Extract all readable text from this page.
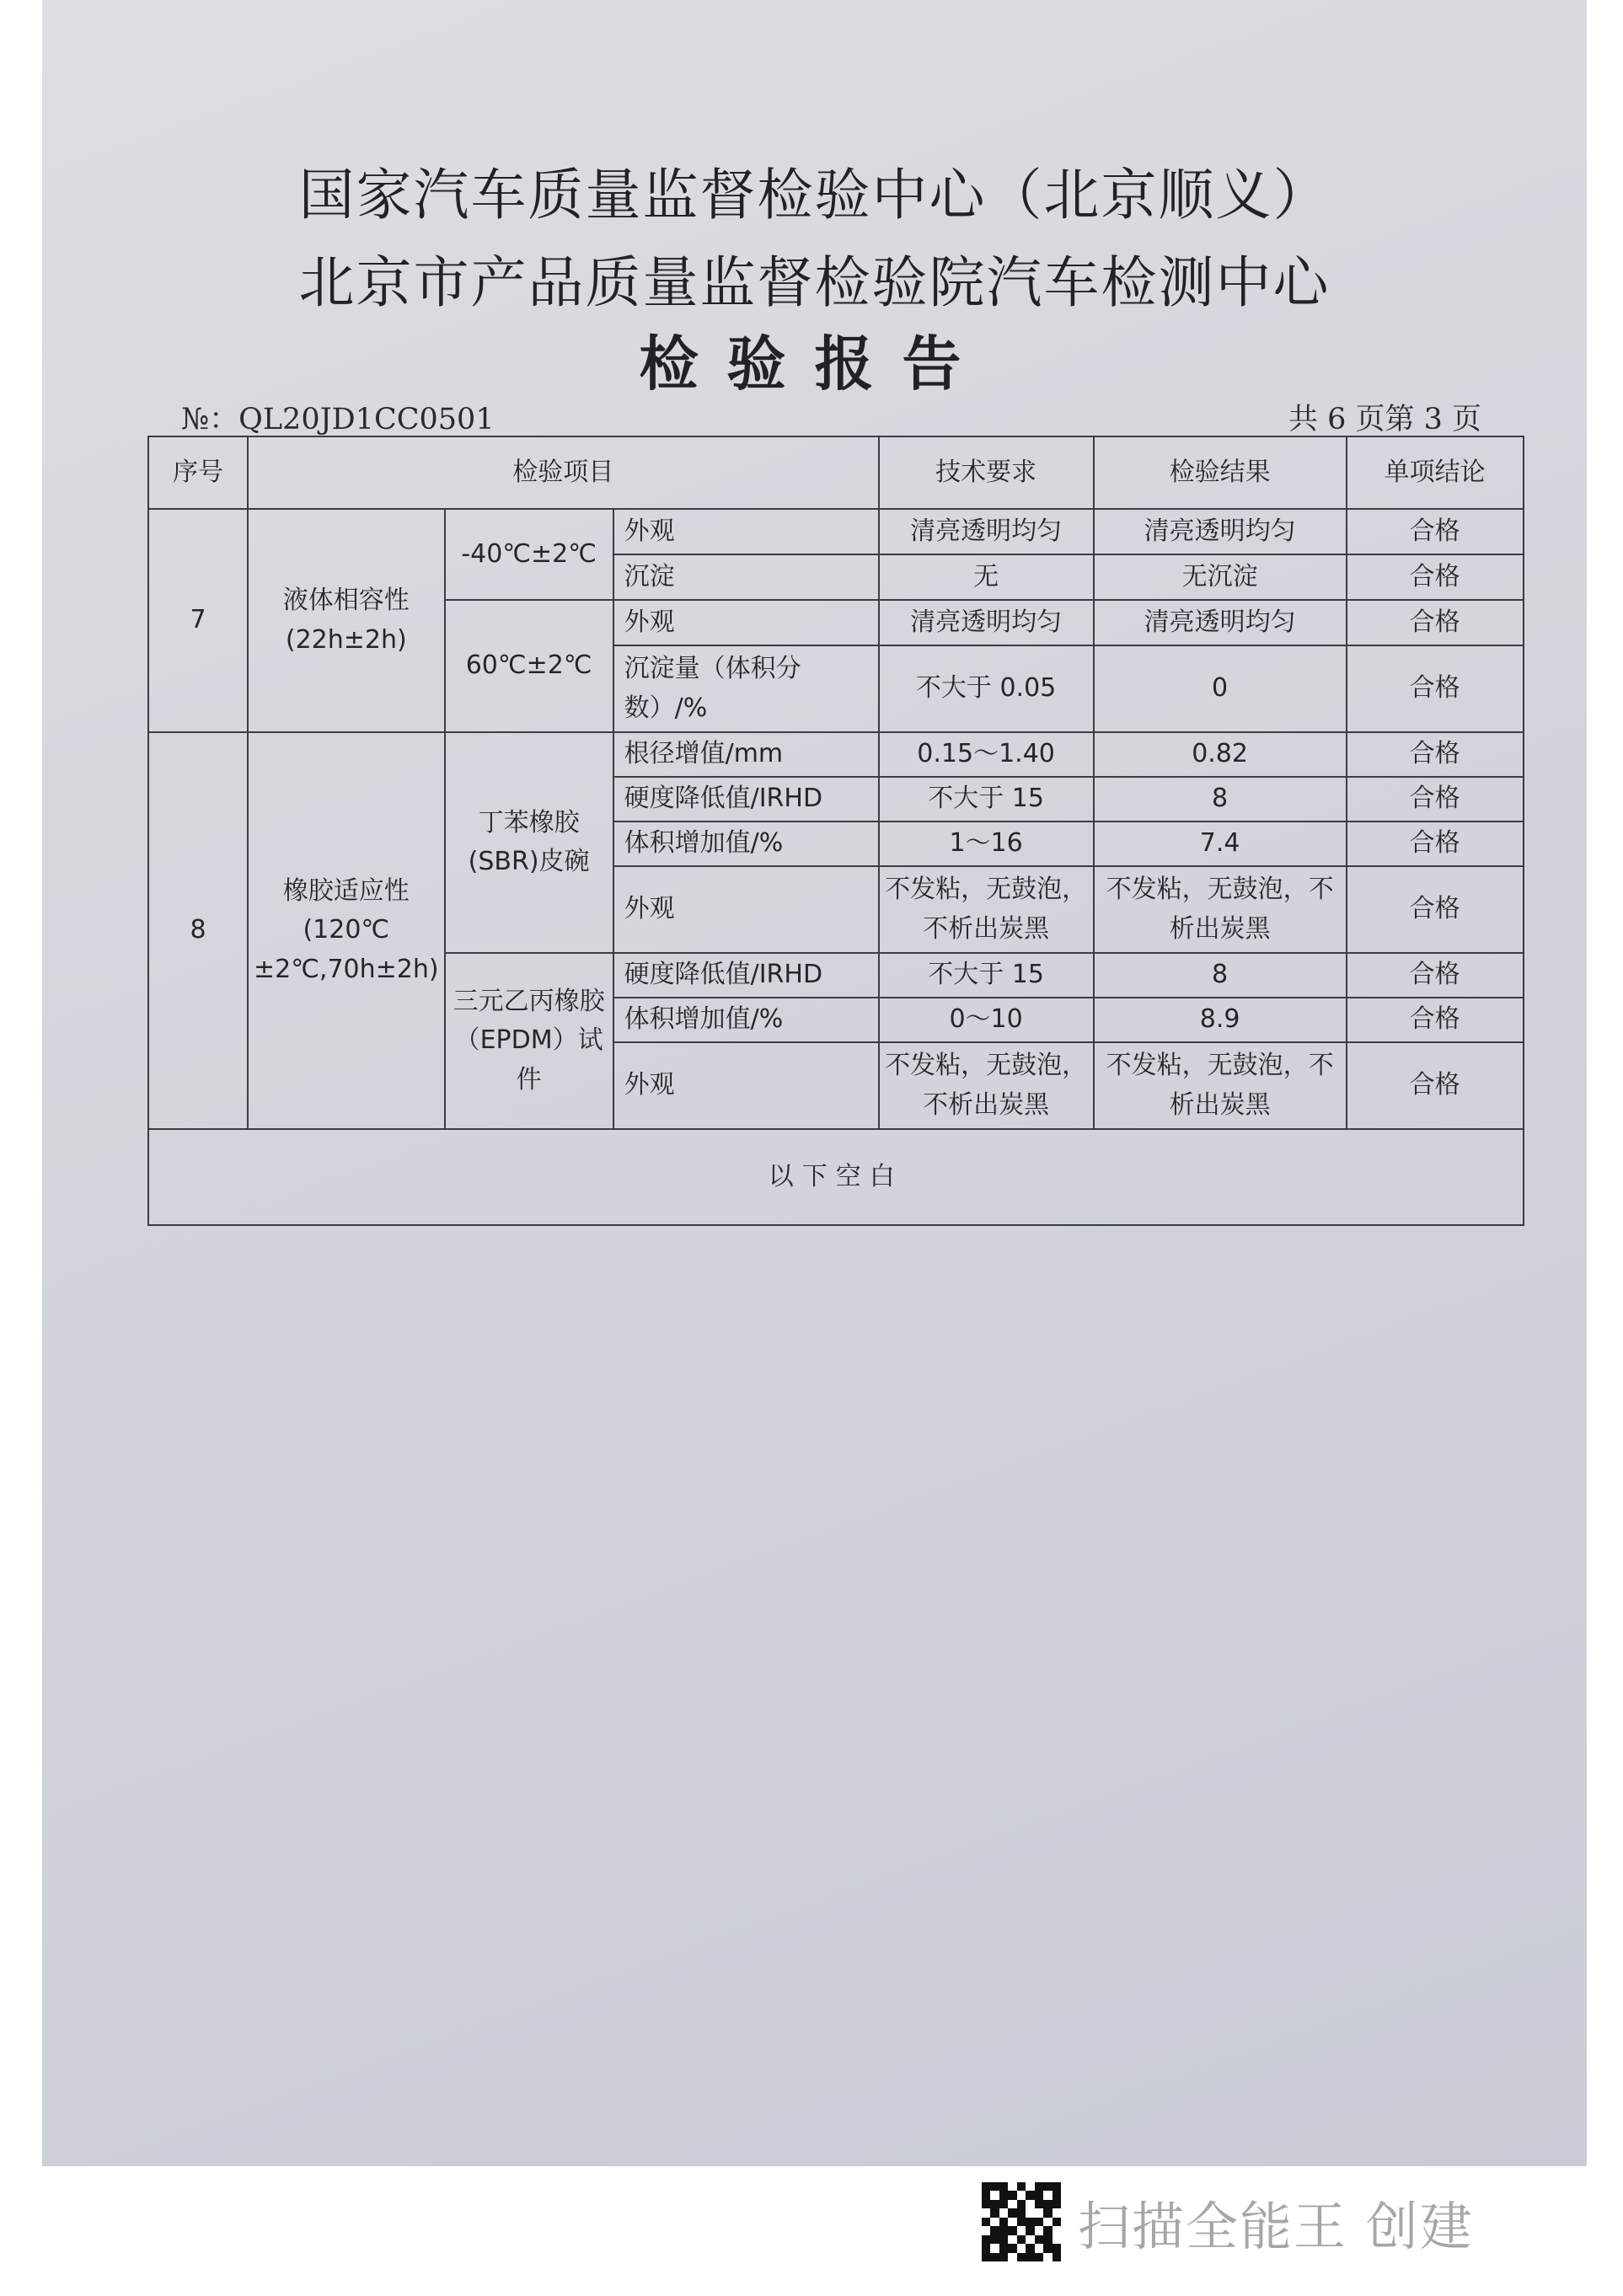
国家汽车质量监督检验中心（北京顺义）
北京市产品质量监督检验院汽车检测中心
检验报告
№：QL20JD1CC0501	共 6 页第 3 页
序号	检验项目			技术要求	检验结果	单项结论
7	液体相容性(22h±2h)	-40℃±2℃	外观	清亮透明均匀	清亮透明均匀	合格
			沉淀	无	无沉淀	合格
		60℃±2℃	外观	清亮透明均匀	清亮透明均匀	合格
			沉淀量（体积分数）/%	不大于 0.05	0	合格
8	橡胶适应性(120℃±2℃,70h±2h)	丁苯橡胶(SBR)皮碗	根径增值/mm	0.15～1.40	0.82	合格
			硬度降低值/IRHD	不大于 15	8	合格
			体积增加值/%	1～16	7.4	合格
			外观	不发粘，无鼓泡，不析出炭黑	不发粘，无鼓泡，不析出炭黑	合格
		三元乙丙橡胶（EPDM）试件	硬度降低值/IRHD	不大于 15	8	合格
			体积增加值/%	0～10	8.9	合格
			外观	不发粘，无鼓泡，不析出炭黑	不发粘，无鼓泡，不析出炭黑	合格
以下空白						
扫描全能王 创建
